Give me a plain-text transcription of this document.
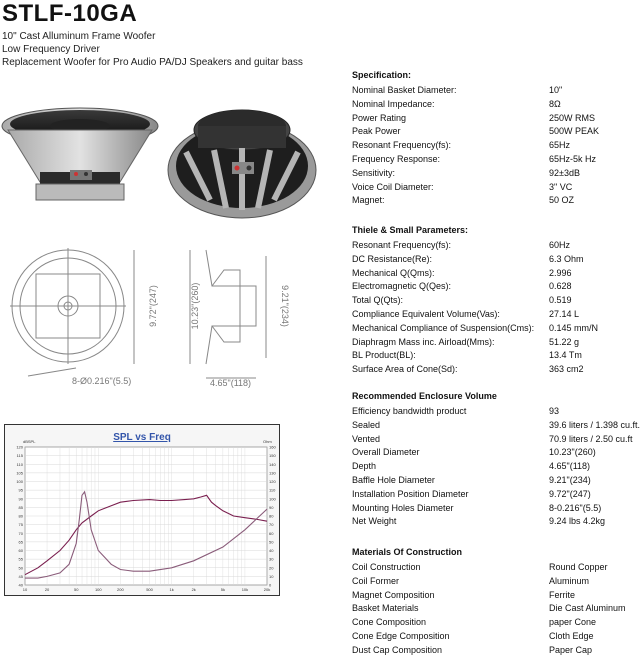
STLF-10GA
10" Cast Alluminum Frame Woofer
Low Frequency Driver
Replacement Woofer for Pro Audio PA/DJ Speakers and guitar bass
9.72"(247)	10.23"(260)	9.21"(234)
8-Ø0.216"(5.5)	4.65"(118)
SPL vs Freq
dBSPL	Ohm
40	0
45	10
50	20
55	30
60	40
65	50
70	60
75	70
80	80
85	90
90	100
95	110
100	120
105	130
110	140
115	150
120	160
10	20	50	100	200	500	1k	2k	5k	10k	20k
Specification:
Nominal Basket Diameter:	10"
Nominal Impedance:	8Ω
Power Rating	250W RMS
Peak Power	500W PEAK
Resonant Frequency(fs):	65Hz
Frequency Response:	65Hz-5k Hz
Sensitivity:	92±3dB
Voice Coil Diameter:	3" VC
Magnet:	50 OZ
Thiele & Small Parameters:
Resonant Frequency(fs):	60Hz
DC Resistance(Re):	6.3 Ohm
Mechanical Q(Qms):	2.996
Electromagnetic Q(Qes):	0.628
Total Q(Qts):	0.519
Compliance Equivalent Volume(Vas):	27.14 L
Mechanical Compliance of Suspension(Cms): 0.145 mm/N
Diaphragm Mass inc. Airload(Mms):	51.22 g
BL Product(BL):	13.4 Tm
Surface Area of Cone(Sd):	363 cm2
Recommended Enclosure Volume
Efficiency bandwidth product	93
Sealed	39.6 liters / 1.398 cu.ft.
Vented	70.9 liters / 2.50 cu.ft
Overall Diameter	10.23"(260)
Depth	4.65"(118)
Baffle Hole Diameter	9.21"(234)
Installation Position Diameter	9.72"(247)
Mounting Holes Diameter	8-0.216"(5.5)
Net Weight	9.24 lbs 4.2kg
Materials Of Construction
Coil Construction	Round Copper
Coil Former	Aluminum
Magnet Composition	Ferrite
Basket Materials	Die Cast Aluminum
Cone Composition	paper Cone
Cone Edge Composition	Cloth Edge
Dust Cap Composition	Paper Cap
